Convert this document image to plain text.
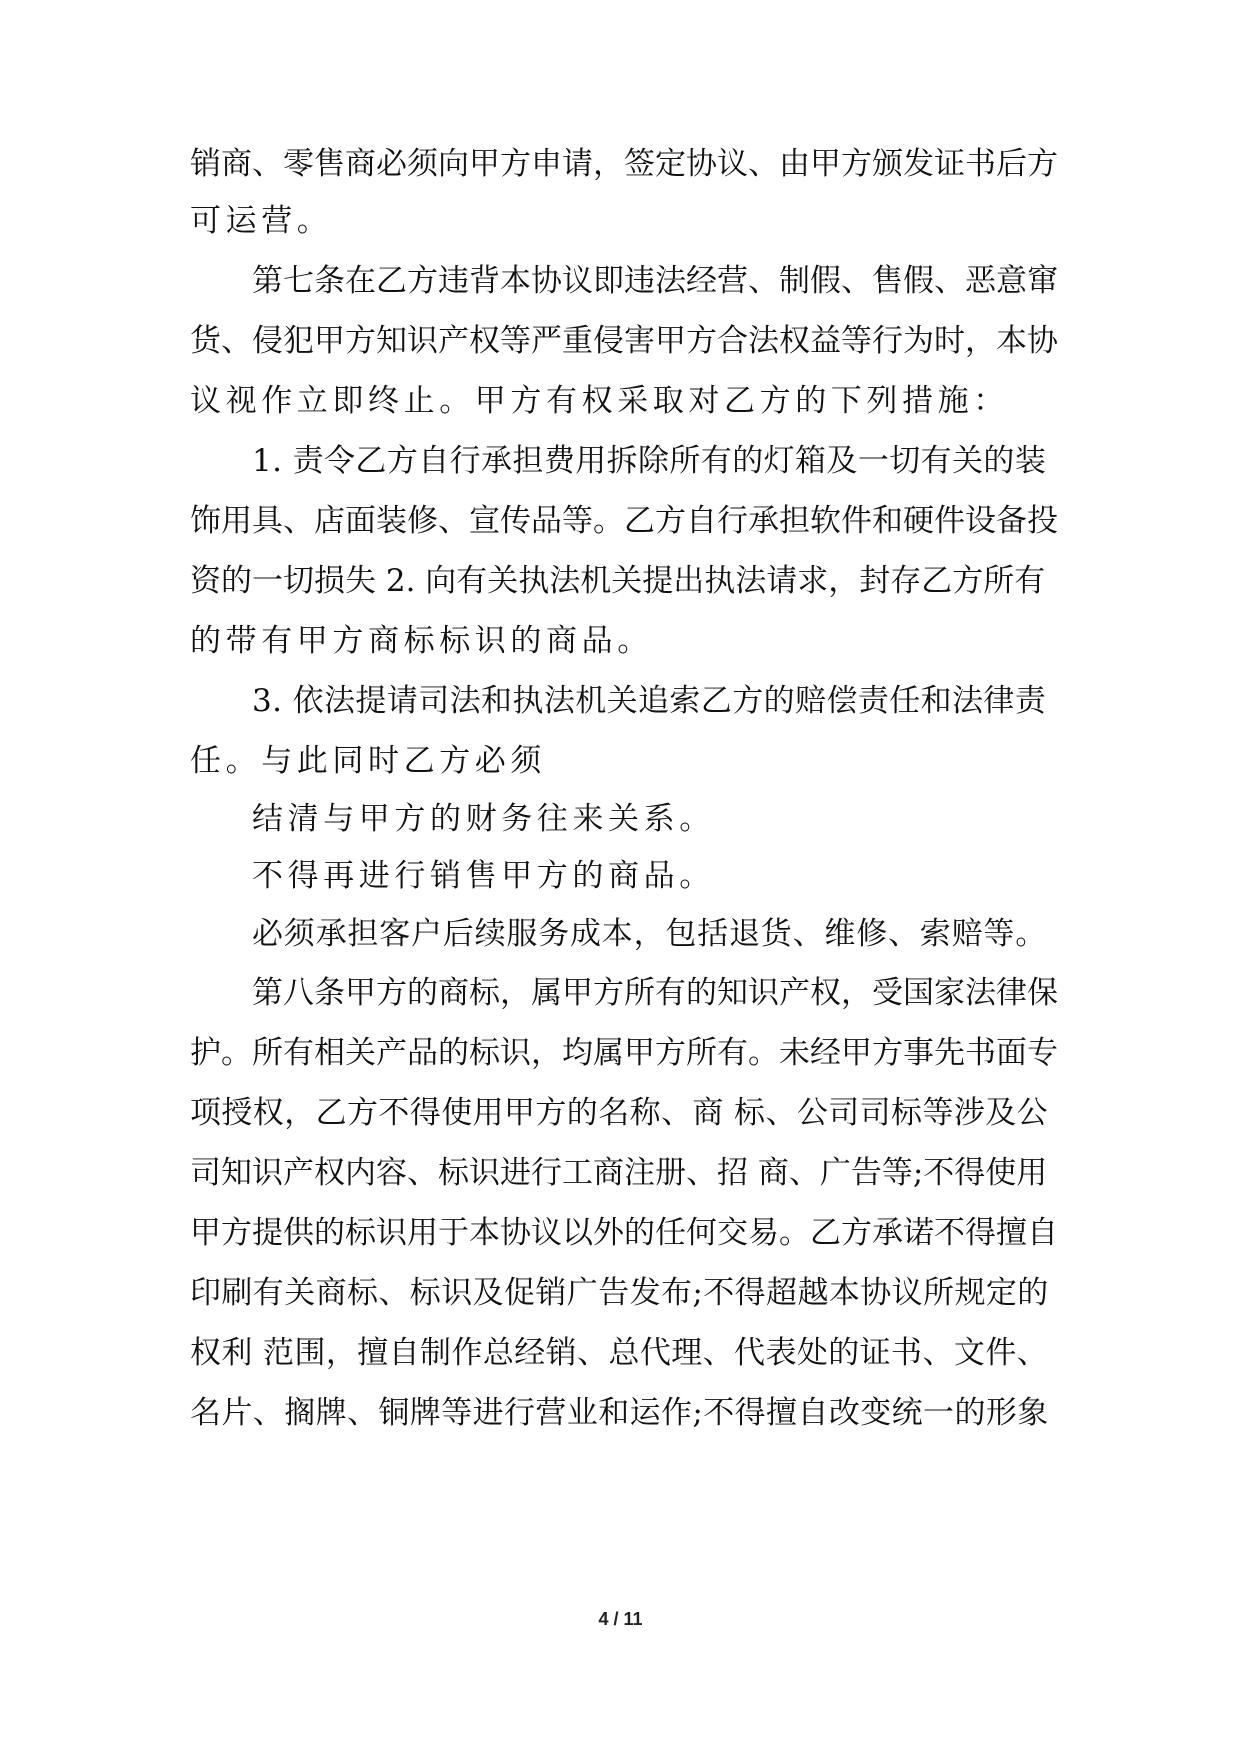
销商、零售商必须向甲方申请，签定协议、由甲方颁发证书后方
可运营。
第七条在乙方违背本协议即违法经营、制假、售假、恶意窜
货、侵犯甲方知识产权等严重侵害甲方合法权益等行为时，本协
议视作立即终止。甲方有权采取对乙方的下列措施：
1. 责令乙方自行承担费用拆除所有的灯箱及一切有关的装
饰用具、店面装修、宣传品等。乙方自行承担软件和硬件设备投
资的一切损失 2. 向有关执法机关提出执法请求，封存乙方所有
的带有甲方商标标识的商品。
3. 依法提请司法和执法机关追索乙方的赔偿责任和法律责
任。与此同时乙方必须
结清与甲方的财务往来关系。
不得再进行销售甲方的商品。
必须承担客户后续服务成本，包括退货、维修、索赔等。
第八条甲方的商标，属甲方所有的知识产权，受国家法律保
护。所有相关产品的标识，均属甲方所有。未经甲方事先书面专
项授权，乙方不得使用甲方的名称、商 标、公司司标等涉及公
司知识产权内容、标识进行工商注册、招 商、广告等;不得使用
甲方提供的标识用于本协议以外的任何交易。乙方承诺不得擅自
印刷有关商标、标识及促销广告发布;不得超越本协议所规定的
权利 范围，擅自制作总经销、总代理、代表处的证书、文件、
名片、搁牌、铜牌等进行营业和运作;不得擅自改变统一的形象
4 / 11
